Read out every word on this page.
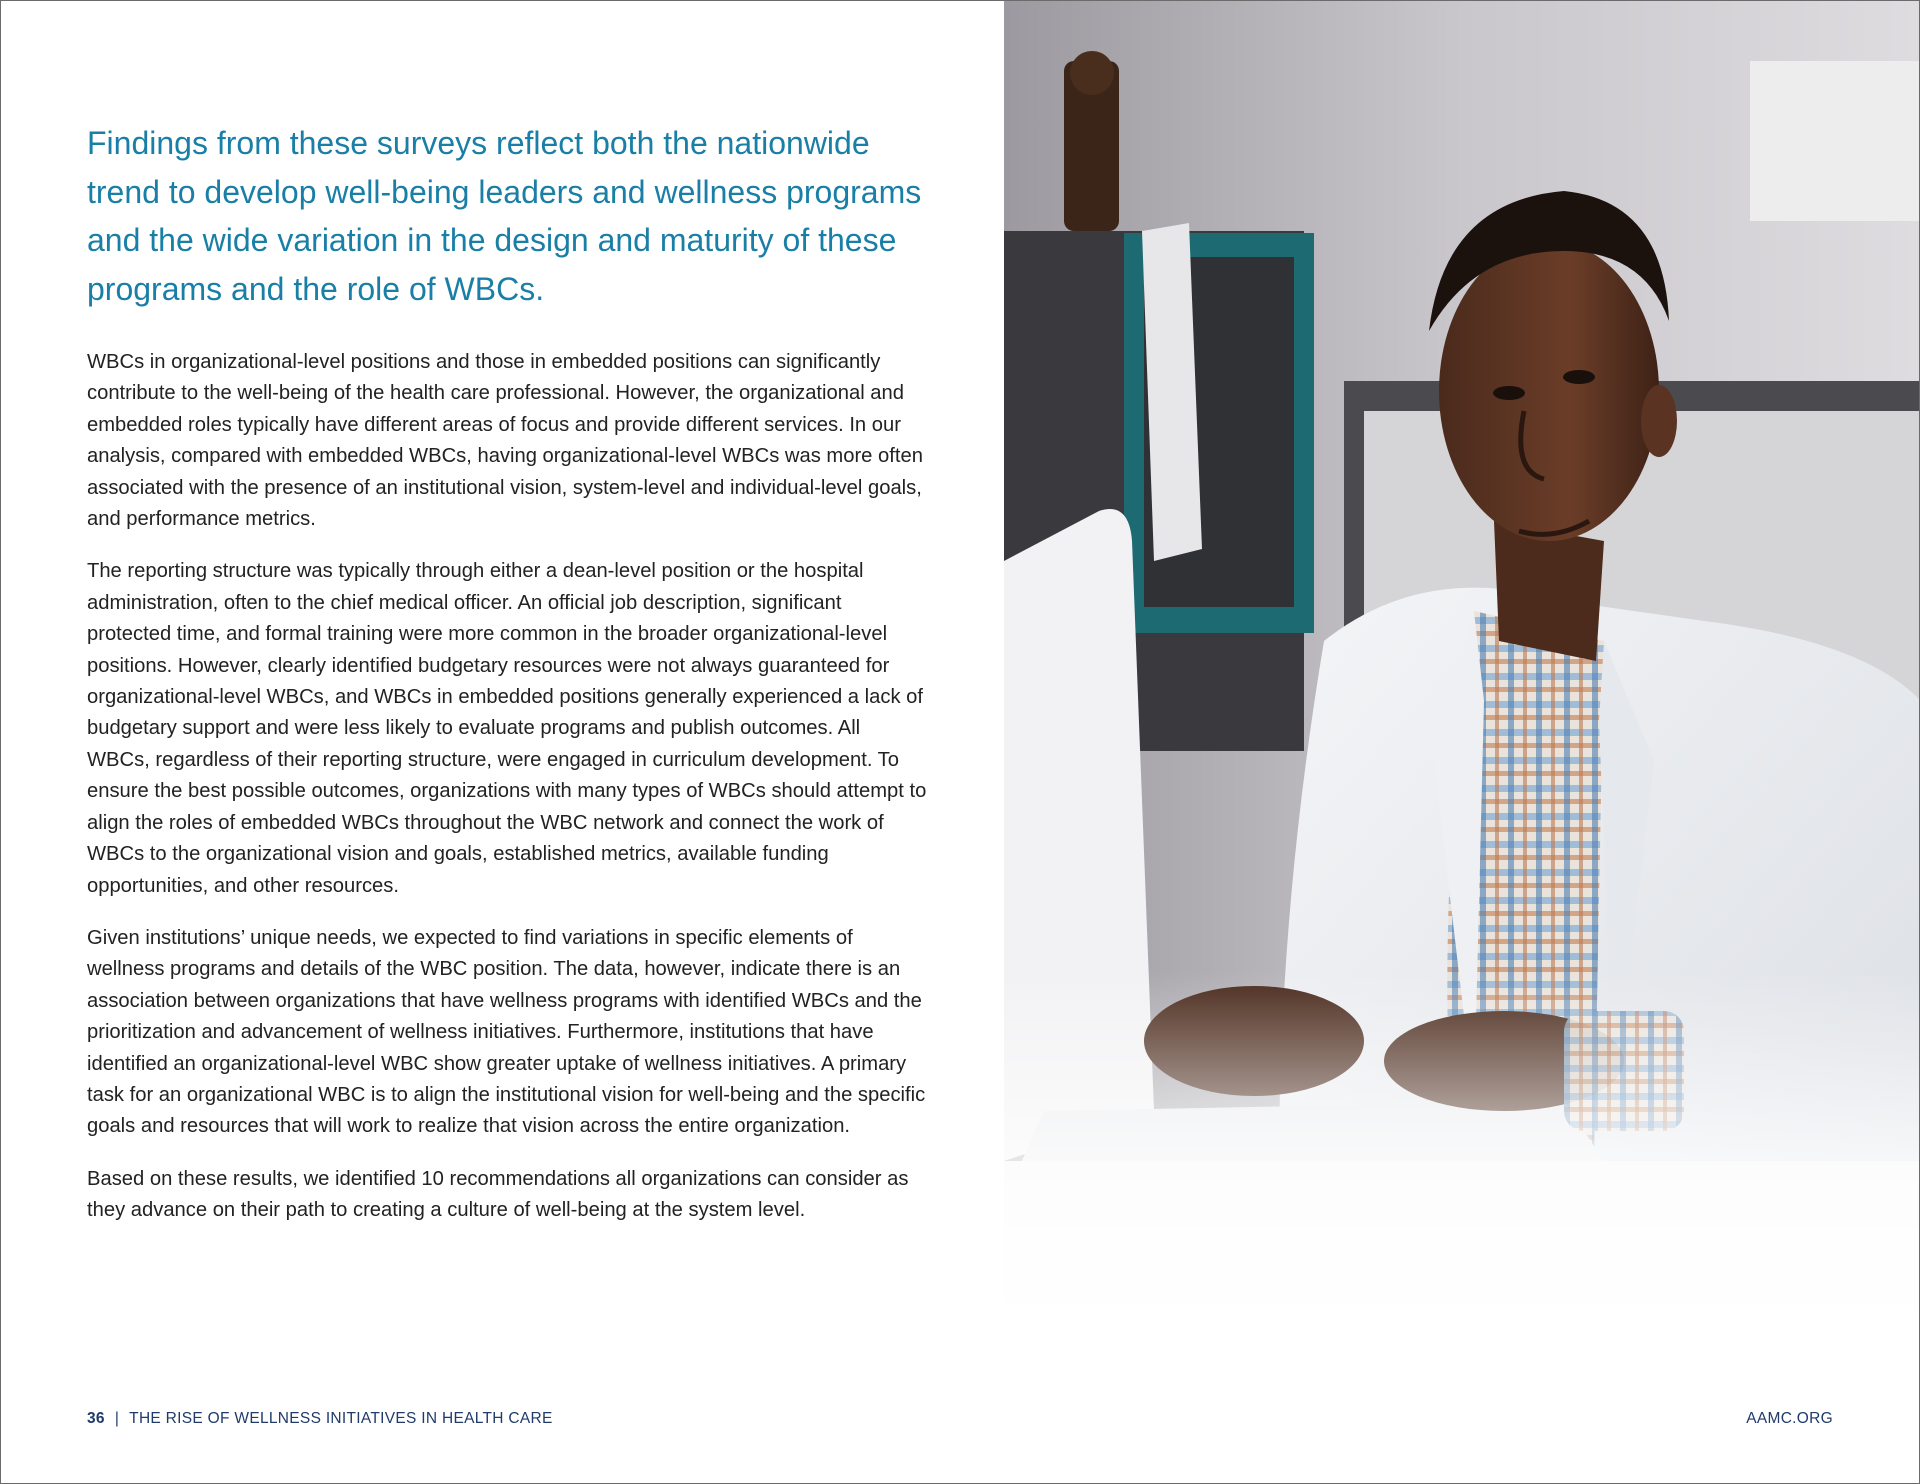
Findings from these surveys reflect both the nationwide trend to develop well-being leaders and wellness programs and the wide variation in the design and maturity of these programs and the role of WBCs.

WBCs in organizational-level positions and those in embedded positions can significantly contribute to the well-being of the health care professional. However, the organizational and embedded roles typically have different areas of focus and provide different services. In our analysis, compared with embedded WBCs, having organizational-level WBCs was more often associated with the presence of an institutional vision, system-level and individual-level goals, and performance metrics.

The reporting structure was typically through either a dean-level position or the hospital administration, often to the chief medical officer. An official job description, significant protected time, and formal training were more common in the broader organizational-level positions. However, clearly identified budgetary resources were not always guaranteed for organizational-level WBCs, and WBCs in embedded positions generally experienced a lack of budgetary support and were less likely to evaluate programs and publish outcomes. All WBCs, regardless of their reporting structure, were engaged in curriculum development. To ensure the best possible outcomes, organizations with many types of WBCs should attempt to align the roles of embedded WBCs throughout the WBC network and connect the work of WBCs to the organizational vision and goals, established metrics, available funding opportunities, and other resources.

Given institutions’ unique needs, we expected to find variations in specific elements of wellness programs and details of the WBC position. The data, however, indicate there is an association between organizations that have wellness programs with identified WBCs and the prioritization and advancement of wellness initiatives. Furthermore, institutions that have identified an organizational-level WBC show greater uptake of wellness initiatives. A primary task for an organizational WBC is to align the institutional vision for well-being and the specific goals and resources that will work to realize that vision across the entire organization.

Based on these results, we identified 10 recommendations all organizations can consider as they advance on their path to creating a culture of well-being at the system level.

36 | THE RISE OF WELLNESS INITIATIVES IN HEALTH CARE	AAMC.ORG
